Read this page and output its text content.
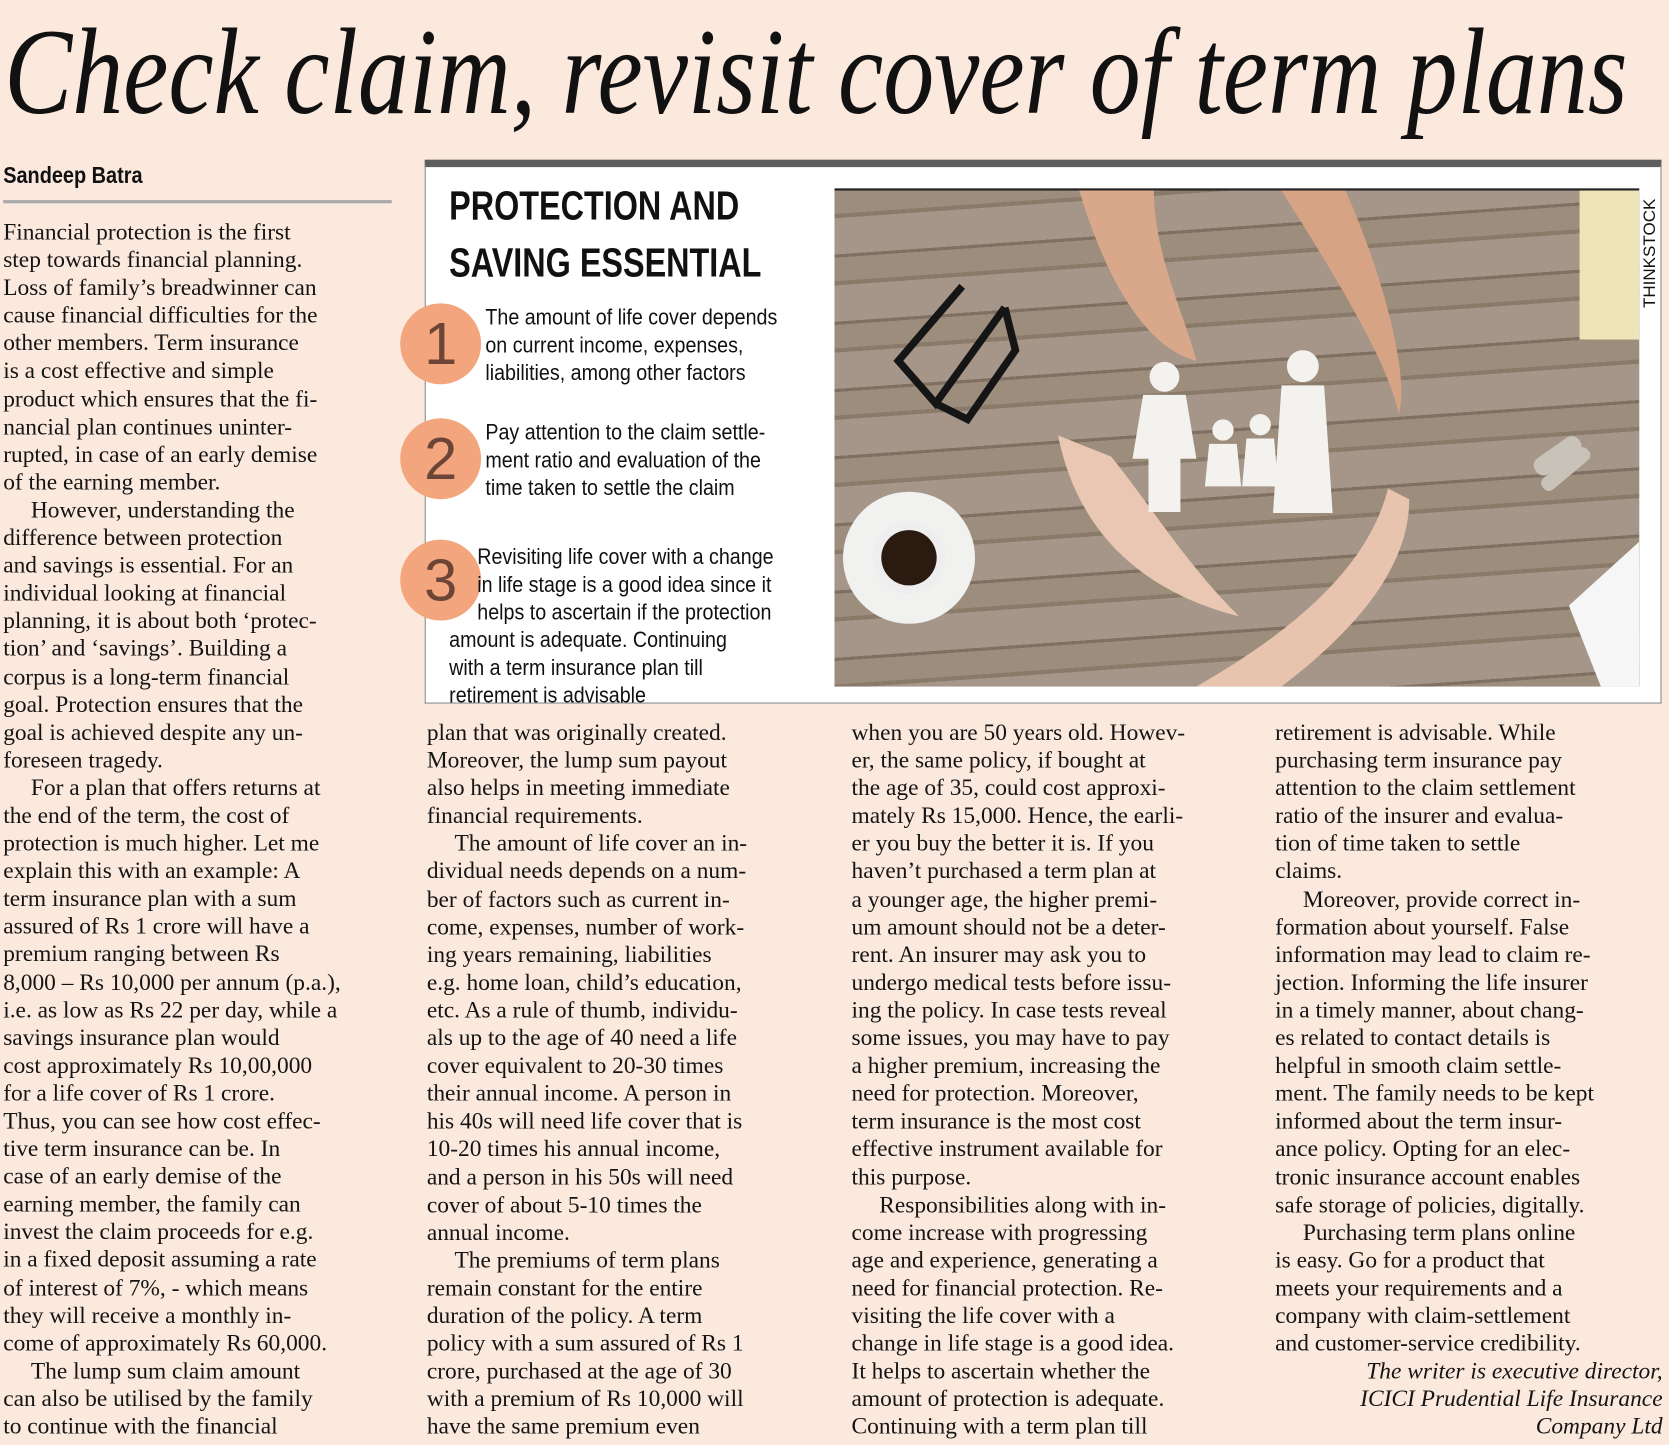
Check claim, revisit cover of term plans
Sandeep Batra
PROTECTION AND
SAVING ESSENTIAL
1	The amount of life cover depends
on current income, expenses,
liabilities, among other factors
2	Pay attention to the claim settle-
ment ratio and evaluation of the
time taken to settle the claim
3 Revisiting life cover with a change
in life stage is a good idea since it
helps to ascertain if the protection
amount is adequate. Continuing
with a term insurance plan till
retirement is advisable
THINKSTOCK
Financial protection is the first
step towards financial planning.
Loss of family’s breadwinner can
cause financial difficulties for the
other members. Term insurance
is a cost effective and simple
product which ensures that the fi-
nancial plan continues uninter-
rupted, in case of an early demise
of the earning member.
However, understanding the
difference between protection
and savings is essential. For an
individual looking at financial
planning, it is about both ‘protec-
tion’ and ‘savings’. Building a
corpus is a long-term financial
goal. Protection ensures that the
goal is achieved despite any un-
foreseen tragedy.
For a plan that offers returns at
the end of the term, the cost of
protection is much higher. Let me
explain this with an example: A
term insurance plan with a sum
assured of Rs 1 crore will have a
premium ranging between Rs
8,000 – Rs 10,000 per annum (p.a.),
i.e. as low as Rs 22 per day, while a
savings insurance plan would
cost approximately Rs 10,00,000
for a life cover of Rs 1 crore.
Thus, you can see how cost effec-
tive term insurance can be. In
case of an early demise of the
earning member, the family can
invest the claim proceeds for e.g.
in a fixed deposit assuming a rate
of interest of 7%, - which means
they will receive a monthly in-
come of approximately Rs 60,000.
The lump sum claim amount
can also be utilised by the family
to continue with the financial
plan that was originally created.
Moreover, the lump sum payout
also helps in meeting immediate
financial requirements.
The amount of life cover an in-
dividual needs depends on a num-
ber of factors such as current in-
come, expenses, number of work-
ing years remaining, liabilities
e.g. home loan, child’s education,
etc. As a rule of thumb, individu-
als up to the age of 40 need a life
cover equivalent to 20-30 times
their annual income. A person in
his 40s will need life cover that is
10-20 times his annual income,
and a person in his 50s will need
cover of about 5-10 times the
annual income.
The premiums of term plans
remain constant for the entire
duration of the policy. A term
policy with a sum assured of Rs 1
crore, purchased at the age of 30
with a premium of Rs 10,000 will
have the same premium even
when you are 50 years old. Howev-
er, the same policy, if bought at
the age of 35, could cost approxi-
mately Rs 15,000. Hence, the earli-
er you buy the better it is. If you
haven’t purchased a term plan at
a younger age, the higher premi-
um amount should not be a deter-
rent. An insurer may ask you to
undergo medical tests before issu-
ing the policy. In case tests reveal
some issues, you may have to pay
a higher premium, increasing the
need for protection. Moreover,
term insurance is the most cost
effective instrument available for
this purpose.
Responsibilities along with in-
come increase with progressing
age and experience, generating a
need for financial protection. Re-
visiting the life cover with a
change in life stage is a good idea.
It helps to ascertain whether the
amount of protection is adequate.
Continuing with a term plan till
retirement is advisable. While
purchasing term insurance pay
attention to the claim settlement
ratio of the insurer and evalua-
tion of time taken to settle
claims.
Moreover, provide correct in-
formation about yourself. False
information may lead to claim re-
jection. Informing the life insurer
in a timely manner, about chang-
es related to contact details is
helpful in smooth claim settle-
ment. The family needs to be kept
informed about the term insur-
ance policy. Opting for an elec-
tronic insurance account enables
safe storage of policies, digitally.
Purchasing term plans online
is easy. Go for a product that
meets your requirements and a
company with claim-settlement
and customer-service credibility.
The writer is executive director,
ICICI Prudential Life Insurance
Company Ltd
